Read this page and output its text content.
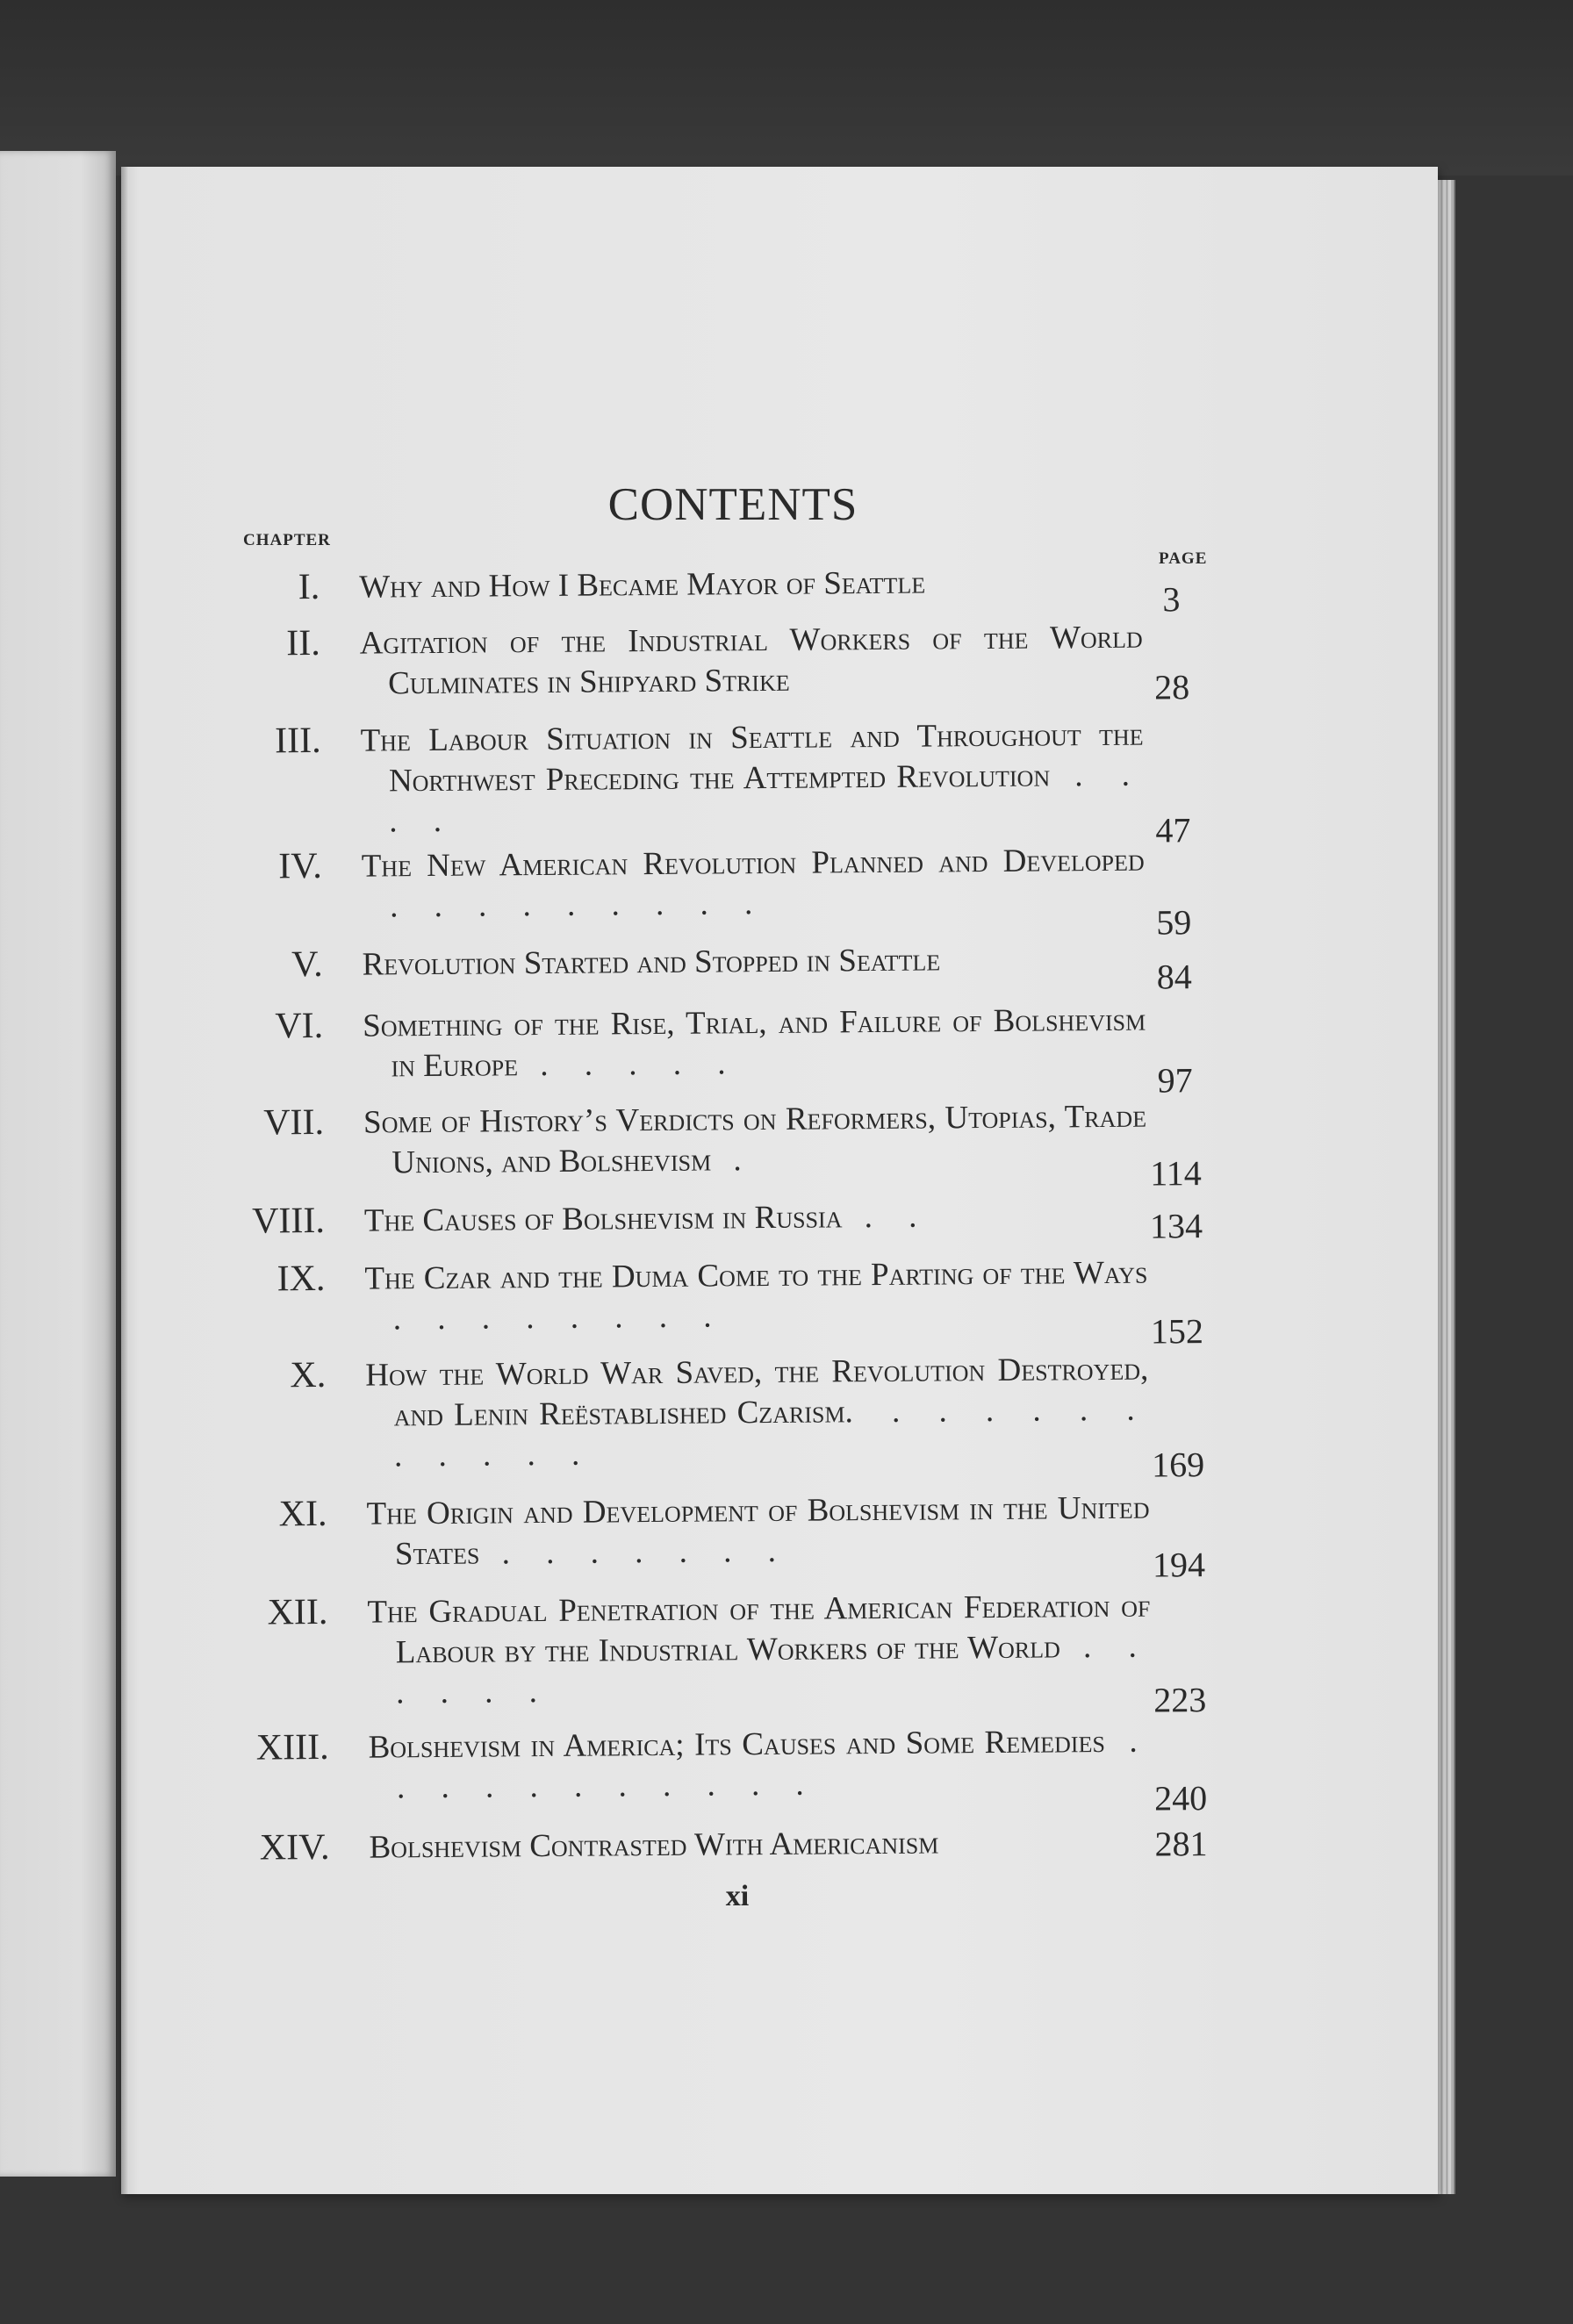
CONTENTS
CHAPTER
PAGE
I. Why and How I Became Mayor of Seattle	3
II. Agitation of the Industrial Workers of the World Culminates in Shipyard Strike	28
III. The Labour Situation in Seattle and Throughout the Northwest Preceding the Attempted Revolution . . . .	47
IV. The New American Revolution Planned and Developed . . . . . . . . .	59
V. Revolution Started and Stopped in Seattle	84
VI. Something of the Rise, Trial, and Failure of Bolshevism in Europe . . . . .	97
VII. Some of History’s Verdicts on Reformers, Utopias, Trade Unions, and Bolshevism .	114
VIII. The Causes of Bolshevism in Russia . .	134
IX. The Czar and the Duma Come to the Parting of the Ways . . . . . . . .	152
X. How the World War Saved, the Revolution Destroyed, and Lenin Reëstablished Czarism. . . . . . . . . . . .	169
XI. The Origin and Development of Bolshevism in the United States . . . . . . .	194
XII. The Gradual Penetration of the American Federation of Labour by the Industrial Workers of the World . . . . . .	223
XIII. Bolshevism in America; Its Causes and Some Remedies . . . . . . . . . . .	240
XIV. Bolshevism Contrasted With Americanism	281
xi
